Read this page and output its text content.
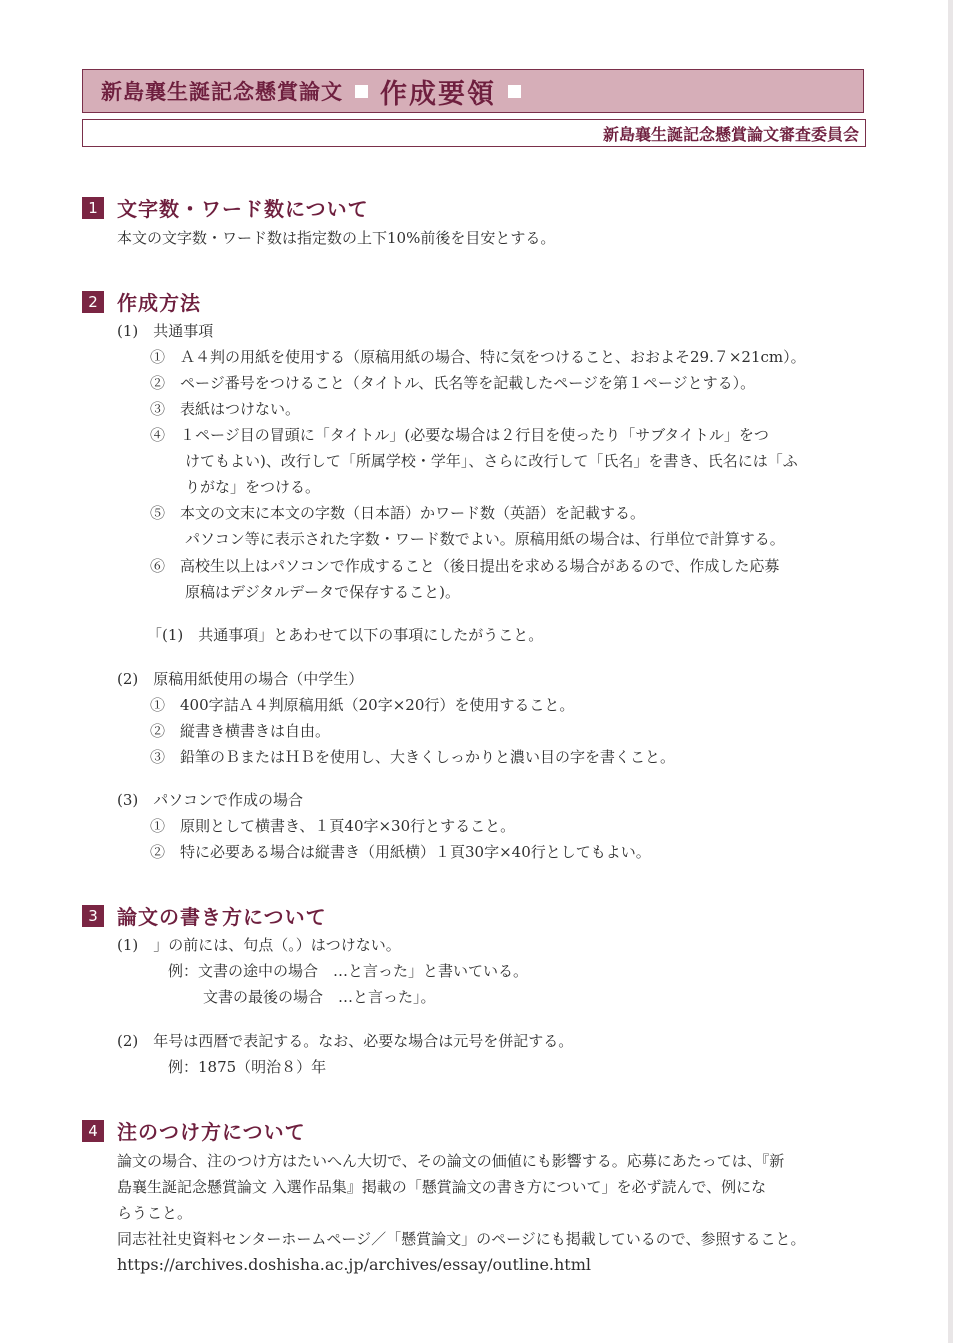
新島襄生誕記念懸賞論文 作成要領
新島襄生誕記念懸賞論文審査委員会
1 文字数・ワード数について
本文の文字数・ワード数は指定数の上下10%前後を目安とする。
2 作成方法
(1)　共通事項
①　Ａ４判の用紙を使用する（原稿用紙の場合、特に気をつけること、おおよそ29.７×21cm）。
②　ページ番号をつけること（タイトル、氏名等を記載したページを第１ページとする）。
③　表紙はつけない。
④　１ページ目の冒頭に「タイトル」(必要な場合は２行目を使ったり「サブタイトル」をつ
けてもよい)、改行して「所属学校・学年」、さらに改行して「氏名」を書き、氏名には「ふ
りがな」をつける。
⑤　本文の文末に本文の字数（日本語）かワード数（英語）を記載する。
パソコン等に表示された字数・ワード数でよい。原稿用紙の場合は、行単位で計算する。
⑥　高校生以上はパソコンで作成すること（後日提出を求める場合があるので、作成した応募
原稿はデジタルデータで保存すること)。
「(1)　共通事項」とあわせて以下の事項にしたがうこと。
(2)　原稿用紙使用の場合（中学生）
①　400字詰Ａ４判原稿用紙（20字×20行）を使用すること。
②　縦書き横書きは自由。
③　鉛筆のＢまたはＨＢを使用し、大きくしっかりと濃い目の字を書くこと。
(3)　パソコンで作成の場合
①　原則として横書き、１頁40字×30行とすること。
②　特に必要ある場合は縦書き（用紙横）１頁30字×40行としてもよい。
3 論文の書き方について
(1)　」の前には、句点（。）はつけない。
例：文書の途中の場合　…と言った」と書いている。
文書の最後の場合　…と言った」。
(2)　年号は西暦で表記する。なお、必要な場合は元号を併記する。
例：1875（明治８）年
4 注のつけ方について
論文の場合、注のつけ方はたいへん大切で、その論文の価値にも影響する。応募にあたっては、『新
島襄生誕記念懸賞論文 入選作品集』掲載の「懸賞論文の書き方について」を必ず読んで、例にな
らうこと。
同志社社史資料センターホームページ／「懸賞論文」のページにも掲載しているので、参照すること。
https://archives.doshisha.ac.jp/archives/essay/outline.html
